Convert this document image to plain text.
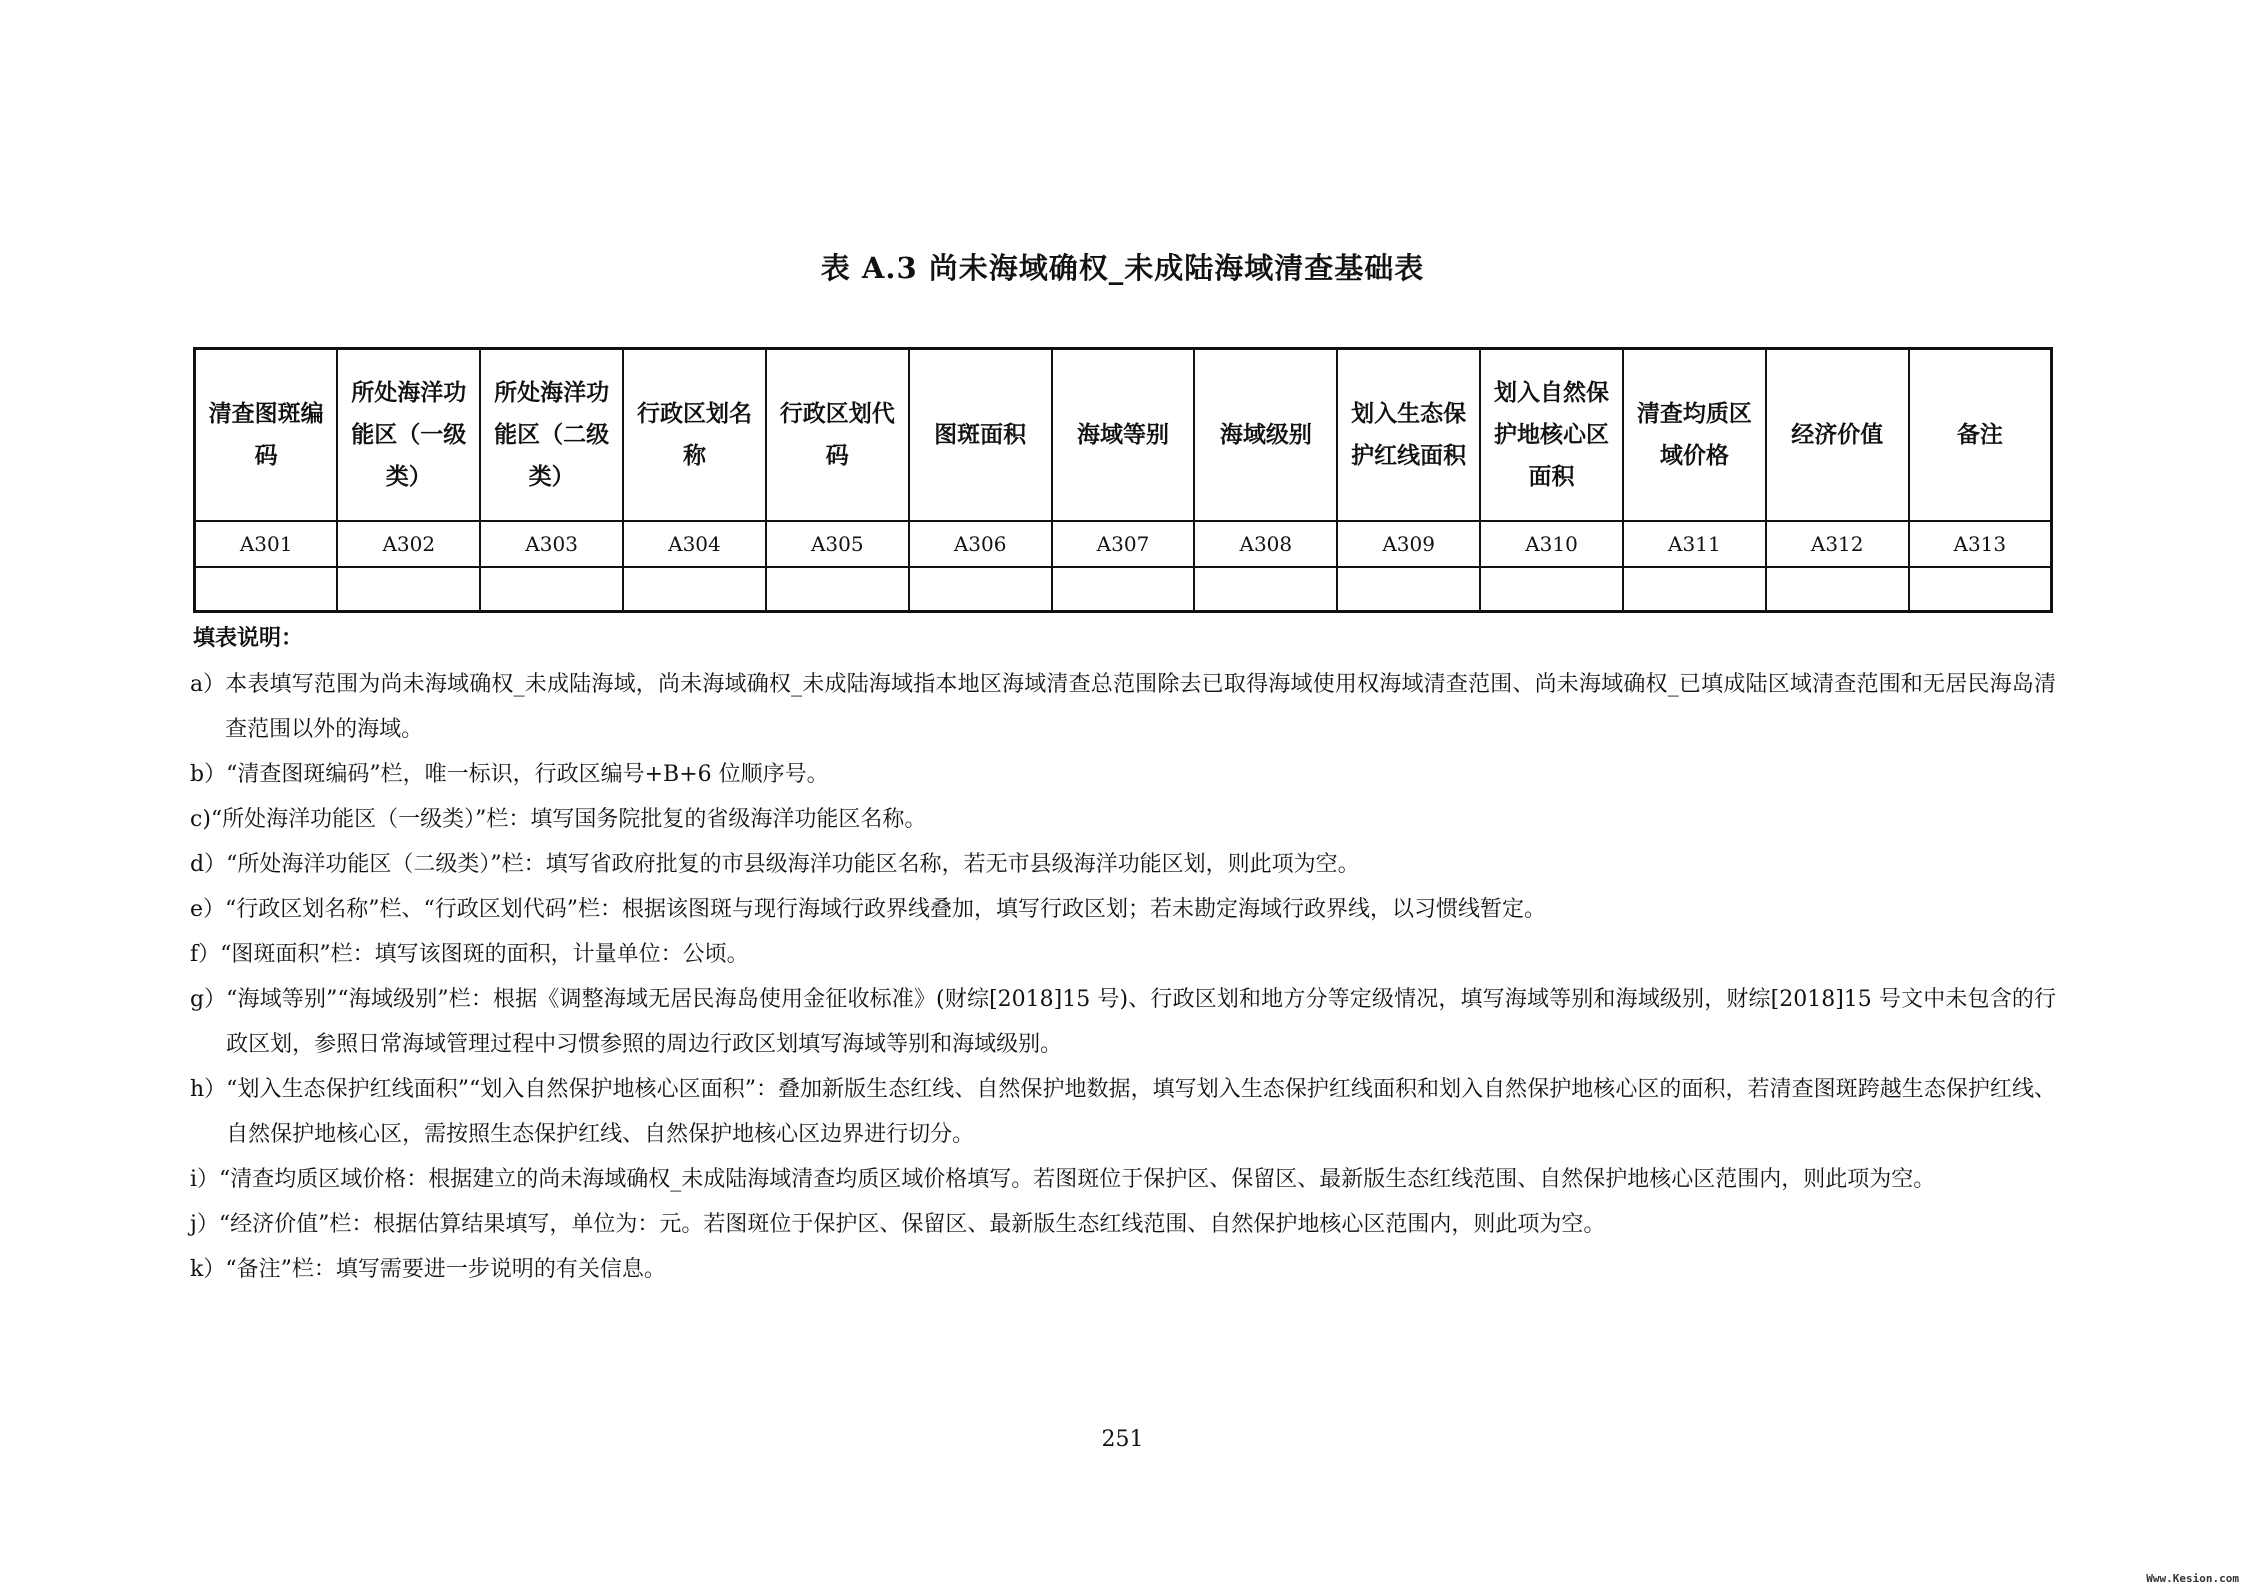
表 A.3 尚未海域确权_未成陆海域清查基础表
清查图斑编码	所处海洋功能区（一级类）	所处海洋功能区（二级类）	行政区划名称	行政区划代码	图斑面积	海域等别	海域级别	划入生态保护红线面积	划入自然保护地核心区面积	清查均质区域价格	经济价值	备注
A301	A302	A303	A304	A305	A306	A307	A308	A309	A310	A311	A312	A313

填表说明：
a） 本表填写范围为尚未海域确权_未成陆海域，尚未海域确权_未成陆海域指本地区海域清查总范围除去已取得海域使用权海域清查范围、尚未海域确权_已填成陆区域清查范围和无居民海岛清查范围以外的海域。
b） “清查图斑编码”栏，唯一标识，行政区编号+B+6 位顺序号。
c) “所处海洋功能区（一级类）”栏：填写国务院批复的省级海洋功能区名称。
d） “所处海洋功能区（二级类）”栏：填写省政府批复的市县级海洋功能区名称，若无市县级海洋功能区划，则此项为空。
e） “行政区划名称”栏、“行政区划代码”栏：根据该图斑与现行海域行政界线叠加，填写行政区划；若未勘定海域行政界线，以习惯线暂定。
f） “图斑面积”栏：填写该图斑的面积，计量单位：公顷。
g） “海域等别”“海域级别”栏：根据《调整海域无居民海岛使用金征收标准》(财综[2018]15 号)、行政区划和地方分等定级情况，填写海域等别和海域级别，财综[2018]15 号文中未包含的行政区划，参照日常海域管理过程中习惯参照的周边行政区划填写海域等别和海域级别。
h） “划入生态保护红线面积”“划入自然保护地核心区面积”：叠加新版生态红线、自然保护地数据，填写划入生态保护红线面积和划入自然保护地核心区的面积，若清查图斑跨越生态保护红线、自然保护地核心区，需按照生态保护红线、自然保护地核心区边界进行切分。
i） “清查均质区域价格：根据建立的尚未海域确权_未成陆海域清查均质区域价格填写。若图斑位于保护区、保留区、最新版生态红线范围、自然保护地核心区范围内，则此项为空。
j） “经济价值”栏：根据估算结果填写，单位为：元。若图斑位于保护区、保留区、最新版生态红线范围、自然保护地核心区范围内，则此项为空。
k） “备注”栏：填写需要进一步说明的有关信息。
251
Www.Kesion.com
